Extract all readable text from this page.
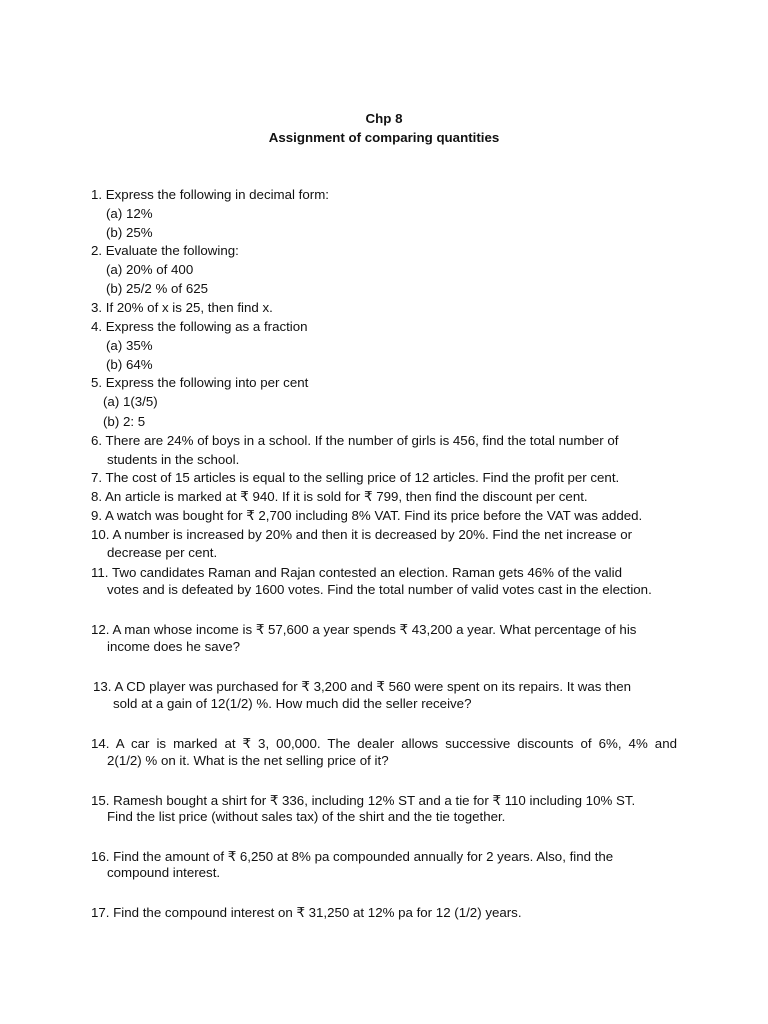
Chp 8
Assignment of comparing quantities
1. Express the following in decimal form:
(a) 12%
(b) 25%
2. Evaluate the following:
(a) 20% of 400
(b) 25/2 % of 625
3. If 20% of x is 25, then find x.
4. Express the following as a fraction
(a) 35%
(b) 64%
5. Express the following into per cent
(a) 1(3/5)
(b) 2: 5
6. There are 24% of boys in a school. If the number of girls is 456, find the total number of
students in the school.
7. The cost of 15 articles is equal to the selling price of 12 articles. Find the profit per cent.
8. An article is marked at ₹ 940. If it is sold for ₹ 799, then find the discount per cent.
9. A watch was bought for ₹ 2,700 including 8% VAT. Find its price before the VAT was added.
10. A number is increased by 20% and then it is decreased by 20%. Find the net increase or
decrease per cent.
11. Two candidates Raman and Rajan contested an election. Raman gets 46% of the valid
votes and is defeated by 1600 votes. Find the total number of valid votes cast in the election.
12. A man whose income is ₹ 57,600 a year spends ₹ 43,200 a year. What percentage of his
income does he save?
13. A CD player was purchased for ₹ 3,200 and ₹ 560 were spent on its repairs. It was then
sold at a gain of 12(1/2) %. How much did the seller receive?
14. A car is marked at ₹ 3, 00,000. The dealer allows successive discounts of 6%, 4% and
2(1/2) % on it. What is the net selling price of it?
15. Ramesh bought a shirt for ₹ 336, including 12% ST and a tie for ₹ 110 including 10% ST.
Find the list price (without sales tax) of the shirt and the tie together.
16. Find the amount of ₹ 6,250 at 8% pa compounded annually for 2 years. Also, find the
compound interest.
17. Find the compound interest on ₹ 31,250 at 12% pa for 12 (1/2) years.
